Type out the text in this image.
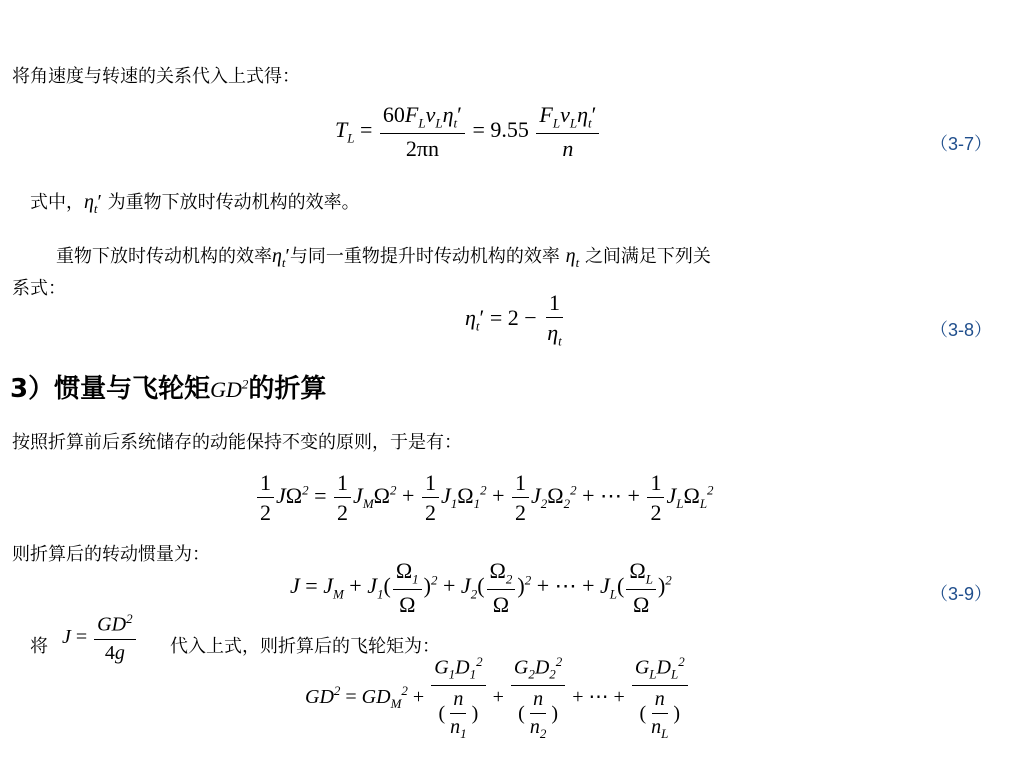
将角速度与转速的关系代入上式得：
$T_L = \frac{60F_Lv_L\eta_t'}{2\pi n} = 9.55 \frac{F_Lv_L\eta_t'}{n}$	（3-7）
式中，$\eta_t'$ 为重物下放时传动机构的效率。
重物下放时传动机构的效率$\eta_t'$与同一重物提升时传动机构的效率 $\eta_t$ 之间满足下列关
系式：
$\eta_t' = 2 - \frac{1}{\eta_t}$	（3-8）
3）惯量与飞轮矩$GD^2$的折算
按照折算前后系统储存的动能保持不变的原则，于是有：
$\frac{1}{2} J\Omega^2 = \frac{1}{2} J_M\Omega^2 + \frac{1}{2} J_1\Omega_1^2 + \frac{1}{2} J_2\Omega_2^2$ + ⋯ + $\frac{1}{2} J_L\Omega_L^2$
则折算后的转动惯量为：
$J = J_M + J_1( \frac{\Omega_1}{\Omega} )^2 + J_2( \frac{\Omega_2}{\Omega} )^2$ + ⋯ + $J_L( \frac{\Omega_L}{\Omega} )^2$
（3-9）
将 $J = \frac{GD^2}{4g}$ 代入上式，则折算后的飞轮矩为：
$GD^2 = GD_M^2 + \frac{G_1D_1^2}{( \frac{n}{n_1} )} + \frac{G_2D_2^2}{( \frac{n}{n_2} )}$ + ⋯ + $\frac{G_LD_L^2}{( \frac{n}{n_L} )}$
